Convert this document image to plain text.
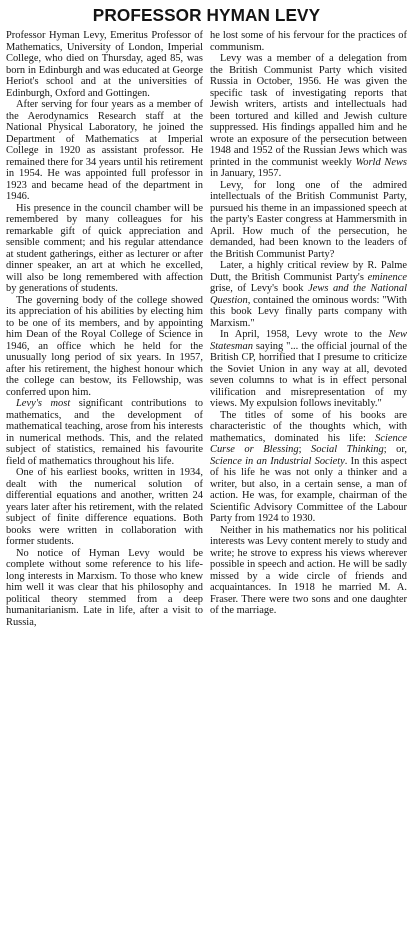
PROFESSOR HYMAN LEVY

Professor Hyman Levy, Emeritus Professor of Mathematics, University of London, Imperial College, who died on Thursday, aged 85, was born in Edinburgh and was educated at George Heriot's school and at the universities of Edinburgh, Oxford and Gottingen.

After serving for four years as a member of the Aerodynamics Research staff at the National Physical Laboratory, he joined the Department of Mathematics at Imperial College in 1920 as assistant professor. He remained there for 34 years until his retirement in 1954. He was appointed full professor in 1923 and became head of the department in 1946.

His presence in the council chamber will be remembered by many colleagues for his remarkable gift of quick appreciation and sensible comment; and his regular attendance at student gatherings, either as lecturer or after dinner speaker, an art at which he excelled, will also be long remembered with affection by generations of students.

The governing body of the college showed its appreciation of his abilities by electing him to be one of its members, and by appointing him Dean of the Royal College of Science in 1946, an office which he held for the unusually long period of six years. In 1957, after his retirement, the highest honour which the college can bestow, its Fellowship, was conferred upon him.

Levy's most significant contributions to mathematics, and the development of mathematical teaching, arose from his interests in numerical methods. This, and the related subject of statistics, remained his favourite field of mathematics throughout his life.

One of his earliest books, written in 1934, dealt with the numerical solution of differential equations and another, written 24 years later after his retirement, with the related subject of finite difference equations. Both books were written in collaboration with former students.

No notice of Hyman Levy would be complete without some reference to his life-long interests in Marxism. To those who knew him well it was clear that his philosophy and political theory stemmed from a deep humanitarianism. Late in life, after a visit to Russia,

he lost some of his fervour for the practices of communism.

Levy was a member of a delegation from the British Communist Party which visited Russia in October, 1956. He was given the specific task of investigating reports that Jewish writers, artists and intellectuals had been tortured and killed and Jewish culture suppressed. His findings appalled him and he wrote an exposure of the persecution between 1948 and 1952 of the Russian Jews which was printed in the communist weekly World News in January, 1957.

Levy, for long one of the admired intellectuals of the British Communist Party, pursued his theme in an impassioned speech at the party's Easter congress at Hammersmith in April. How much of the persecution, he demanded, had been known to the leaders of the British Communist Party?

Later, a highly critical review by R. Palme Dutt, the British Communist Party's eminence grise, of Levy's book Jews and the National Question, contained the ominous words: "With this book Levy finally parts company with Marxism."

In April, 1958, Levy wrote to the New Statesman saying "... the official journal of the British CP, horrified that I presume to criticize the Soviet Union in any way at all, devoted seven columns to what is in effect personal vilification and misrepresentation of my views. My expulsion follows inevitably."

The titles of some of his books are characteristic of the thoughts which, with mathematics, dominated his life: Science Curse or Blessing; Social Thinking; or, Science in an Industrial Society. In this aspect of his life he was not only a thinker and a writer, but also, in a certain sense, a man of action. He was, for example, chairman of the Scientific Advisory Committee of the Labour Party from 1924 to 1930.

Neither in his mathematics nor his political interests was Levy content merely to study and write; he strove to express his views wherever possible in speech and action. He will be sadly missed by a wide circle of friends and acquaintances. In 1918 he married M. A. Fraser. There were two sons and one daughter of the marriage.
